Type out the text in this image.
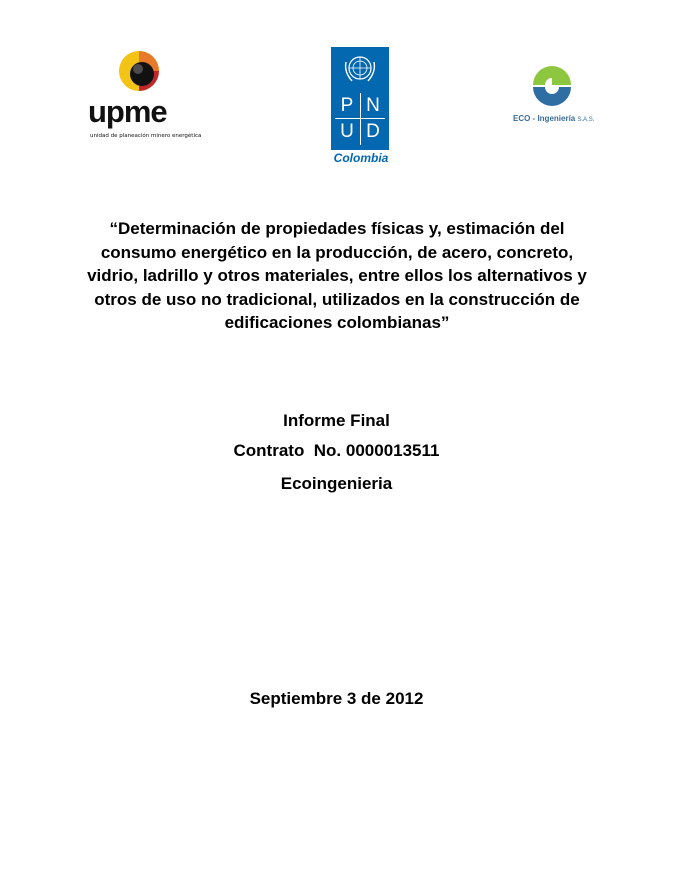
upme
unidad de planeación minero energética
P N
U D
Colombia
ECO - Ingeniería S.A.S.
“Determinación de propiedades físicas y, estimación del consumo energético en la producción, de acero, concreto, vidrio, ladrillo y otros materiales, entre ellos los alternativos y otros de uso no tradicional, utilizados en la construcción de edificaciones colombianas”
Informe Final
Contrato  No. 0000013511
Ecoingenieria
Septiembre 3 de 2012
